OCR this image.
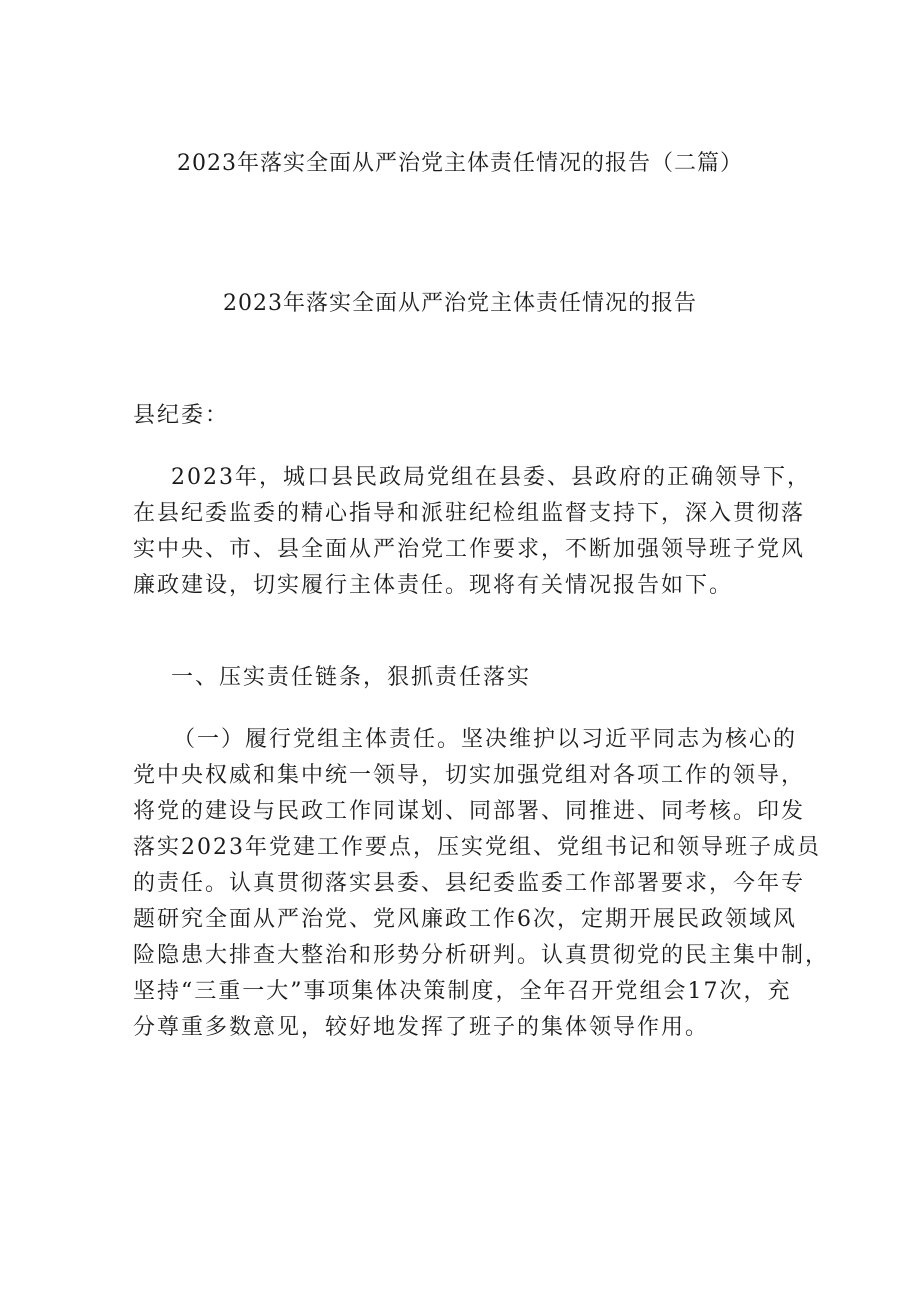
2023年落实全面从严治党主体责任情况的报告（二篇）
2023年落实全面从严治党主体责任情况的报告
县纪委：
2023年，城口县民政局党组在县委、县政府的正确领导下，
在县纪委监委的精心指导和派驻纪检组监督支持下，深入贯彻落
实中央、市、县全面从严治党工作要求，不断加强领导班子党风
廉政建设，切实履行主体责任。现将有关情况报告如下。
一、压实责任链条，狠抓责任落实
（一）履行党组主体责任。坚决维护以习近平同志为核心的
党中央权威和集中统一领导，切实加强党组对各项工作的领导，
将党的建设与民政工作同谋划、同部署、同推进、同考核。印发
落实2023年党建工作要点，压实党组、党组书记和领导班子成员
的责任。认真贯彻落实县委、县纪委监委工作部署要求，今年专
题研究全面从严治党、党风廉政工作6次，定期开展民政领域风
险隐患大排查大整治和形势分析研判。认真贯彻党的民主集中制，
坚持“三重一大”事项集体决策制度，全年召开党组会17次，充
分尊重多数意见，较好地发挥了班子的集体领导作用。
